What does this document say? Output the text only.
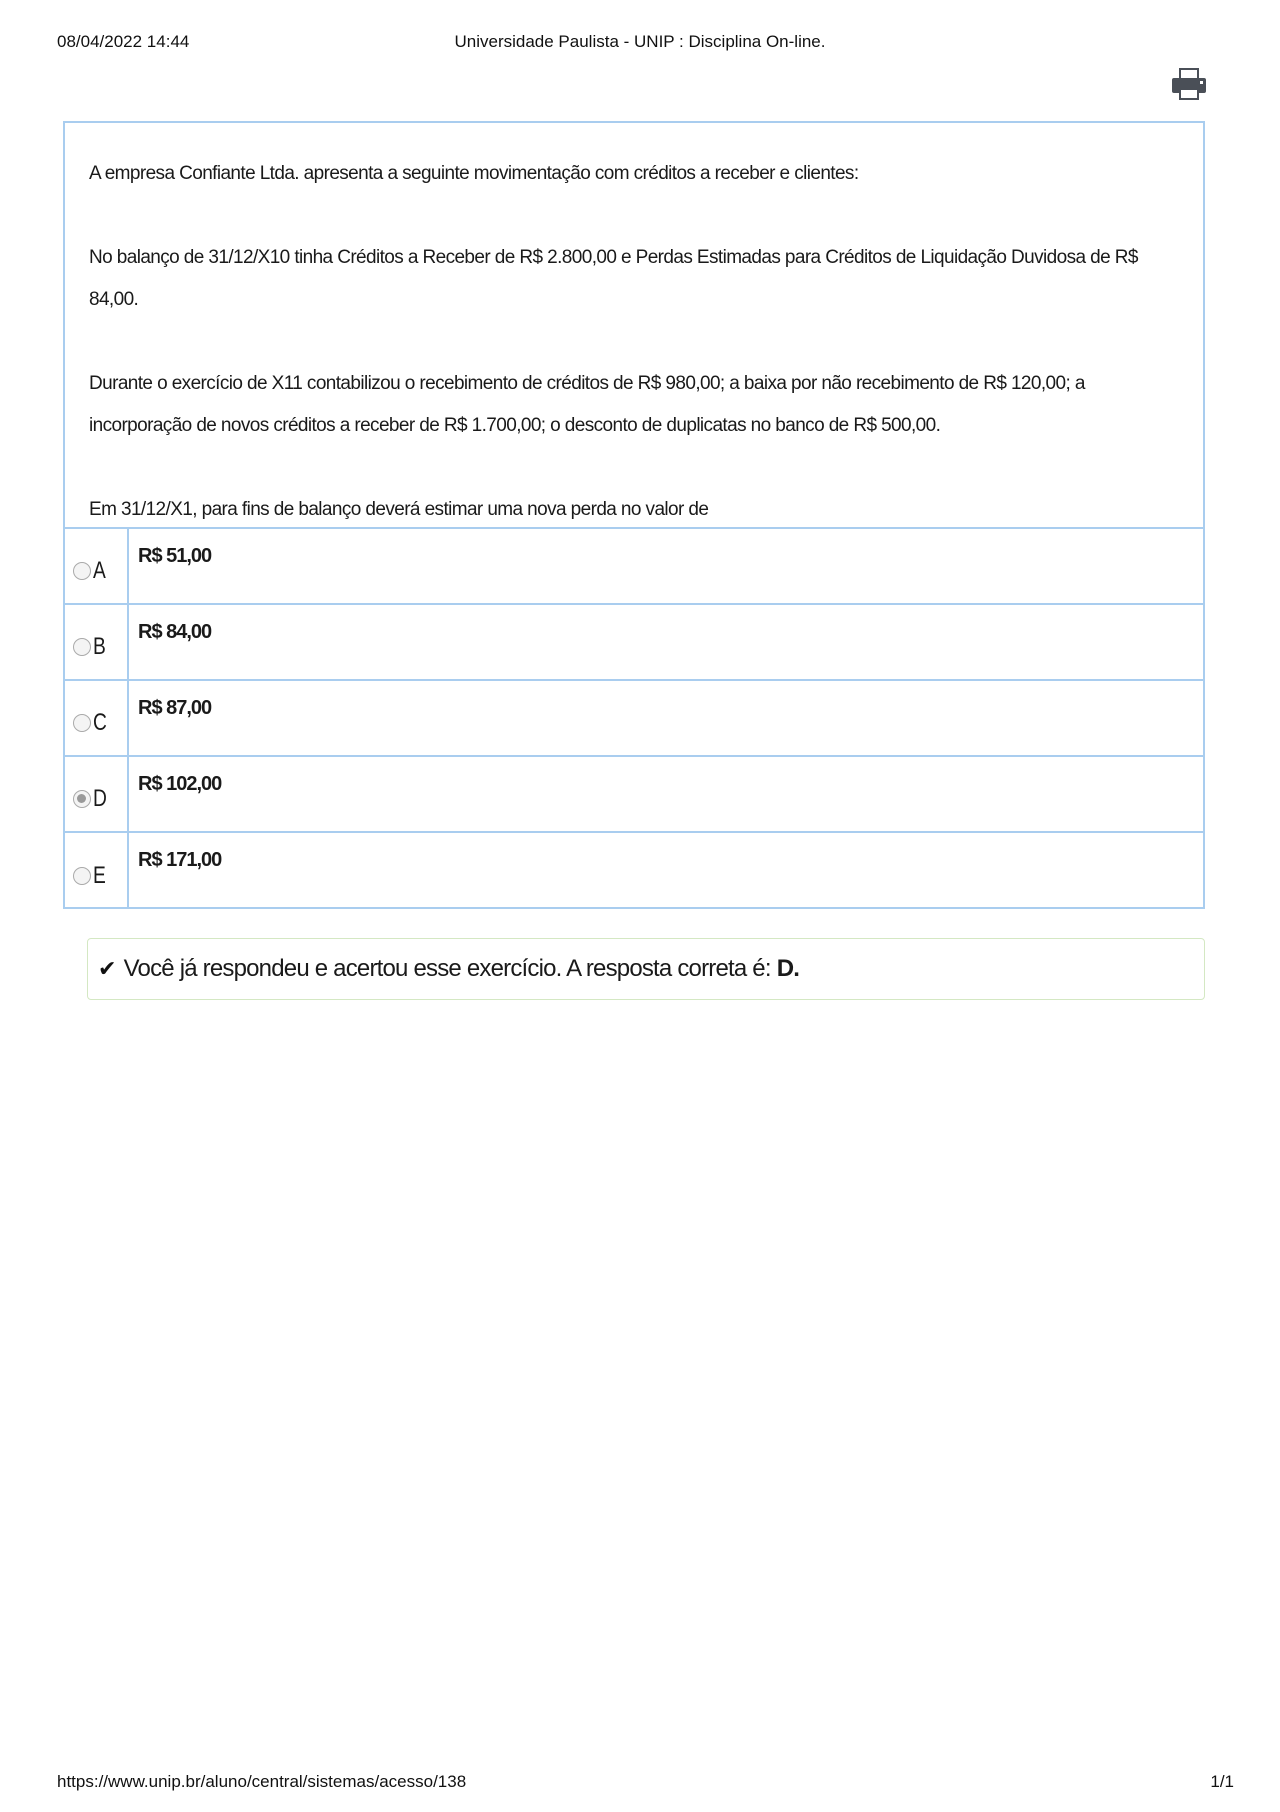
08/04/2022 14:44	Universidade Paulista - UNIP : Disciplina On-line.

A empresa Confiante Ltda. apresenta a seguinte movimentação com créditos a receber e clientes:

No balanço de 31/12/X10 tinha Créditos a Receber de R$ 2.800,00 e Perdas Estimadas para Créditos de Liquidação Duvidosa de R$ 84,00.

Durante o exercício de X11 contabilizou o recebimento de créditos de R$ 980,00; a baixa por não recebimento de R$ 120,00; a incorporação de novos créditos a receber de R$ 1.700,00; o desconto de duplicatas no banco de R$ 500,00.

Em 31/12/X1, para fins de balanço deverá estimar uma nova perda no valor de

A
R$ 51,00
B
R$ 84,00
C
R$ 87,00
D
R$ 102,00
E
R$ 171,00
✔ Você já respondeu e acertou esse exercício. A resposta correta é: D.
https://www.unip.br/aluno/central/sistemas/acesso/138	1/1
